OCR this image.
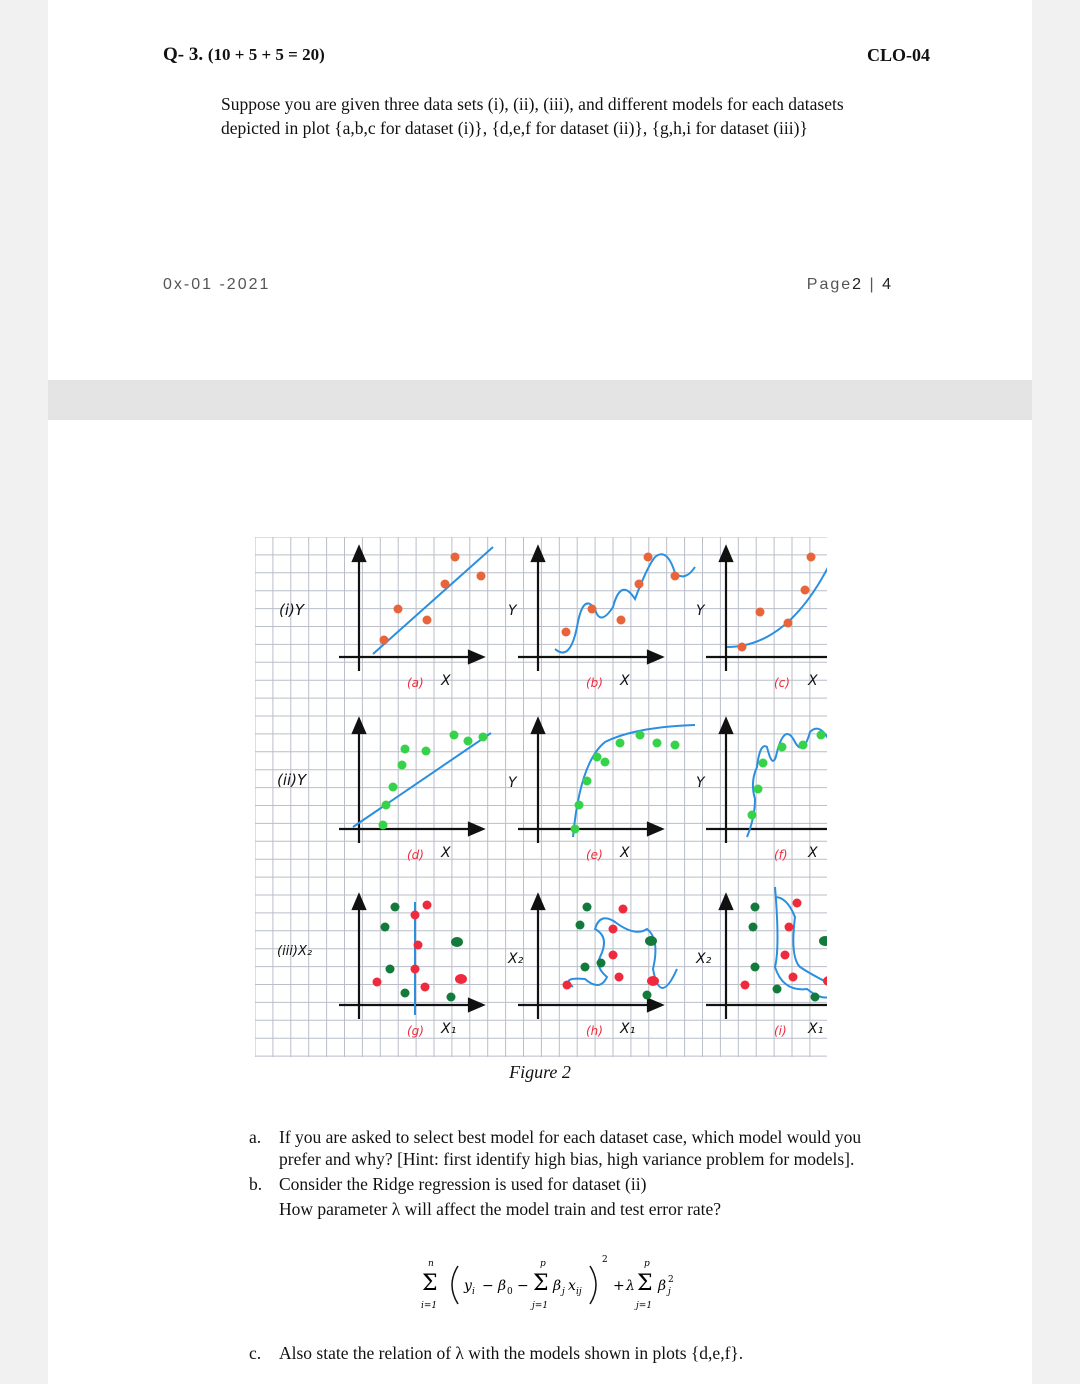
Q- 3. (10 + 5 + 5 = 20)	CLO-04
Suppose you are given three data sets (i), (ii), (iii), and different models for each datasets
depicted in plot {a,b,c for dataset (i)}, {d,e,f for dataset (ii)}, {g,h,i for dataset (iii)}
0x-01 -2021	Page2 | 4
X
(a)	X
(b)
Y
X
(c)
Y
X
(d)	X
(e)
Y
X
(f)
Y
X₁
(g)	X₁
(h)
X₂
X₁
(i)
X₂
(i)Y
(ii)Y
(iii)X₂
Figure 2
a. If you are asked to select best model for each dataset case, which model would you prefer and why? [Hint: first identify high bias, high variance problem for models].
b. Consider the Ridge regression is used for dataset (ii)
How parameter λ will affect the model train and test error rate?
n
Σ
i=1
y i − β 0 −
p
Σ
j=1
β j x ij
2
+ λ
p
Σ
j=1
β j
2
c. Also state the relation of λ with the models shown in plots {d,e,f}.
